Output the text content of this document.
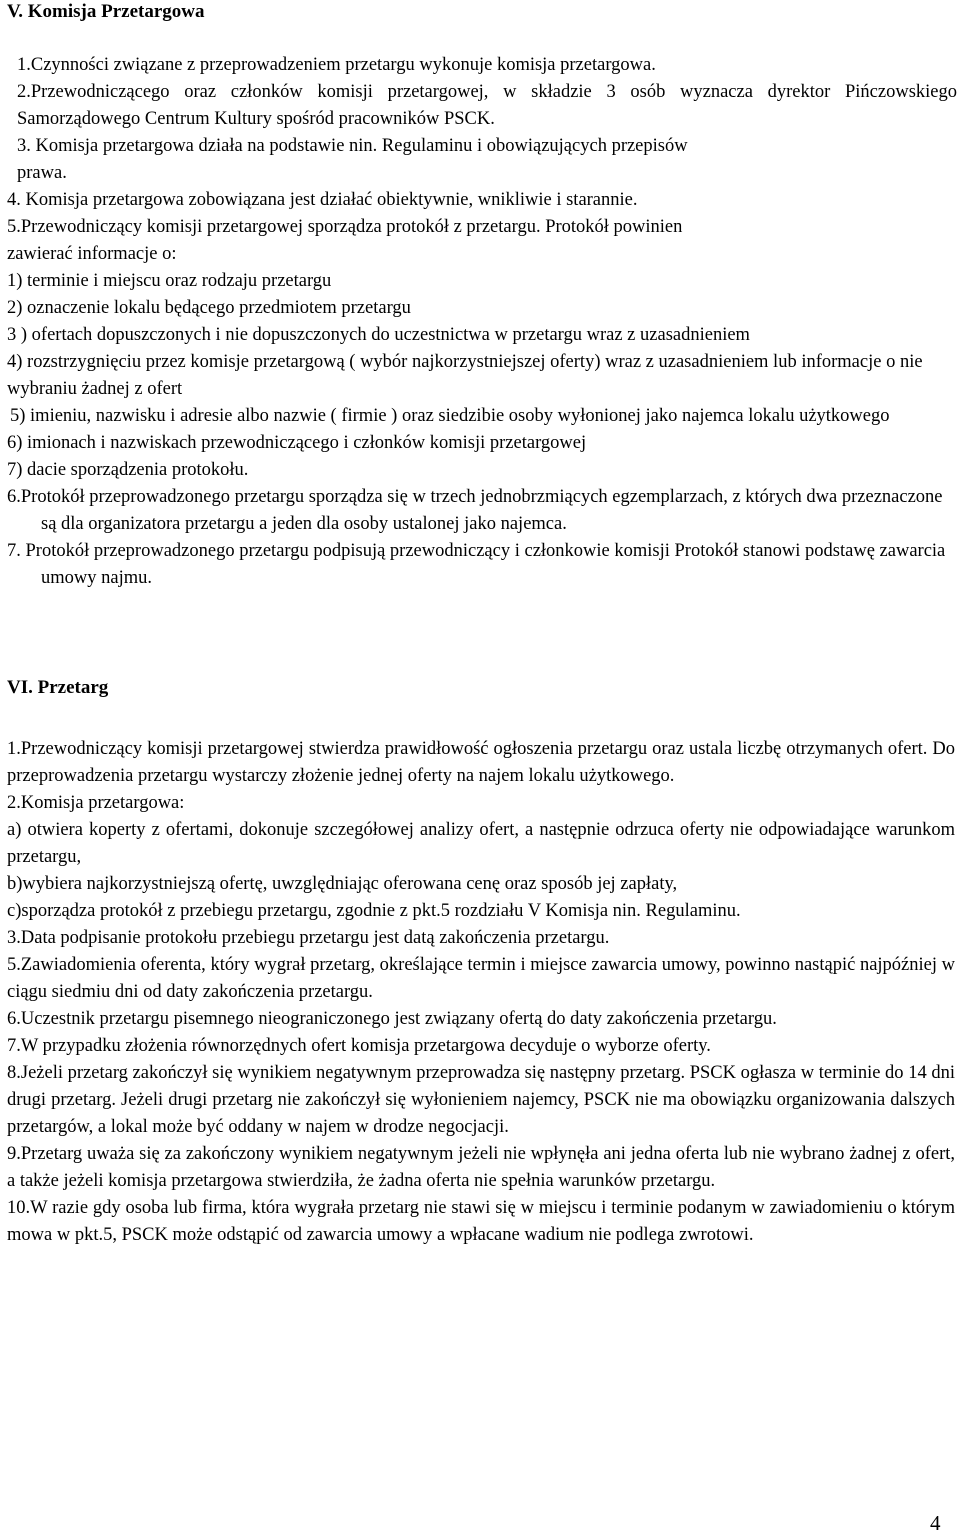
V. Komisja Przetargowa

1.Czynności związane z przeprowadzeniem przetargu wykonuje komisja przetargowa.

2.Przewodniczącego oraz członków komisji przetargowej, w składzie 3 osób wyznacza dyrektor Pińczowskiego Samorządowego Centrum Kultury spośród pracowników PSCK.

3. Komisja przetargowa działa na podstawie nin. Regulaminu i obowiązujących przepisów prawa.

4. Komisja przetargowa zobowiązana jest działać obiektywnie, wnikliwie i starannie.

5.Przewodniczący komisji przetargowej sporządza protokół z przetargu. Protokół powinien zawierać informacje o:

1) terminie i miejscu oraz rodzaju przetargu

2) oznaczenie lokalu będącego przedmiotem przetargu

3 ) ofertach dopuszczonych i nie dopuszczonych do uczestnictwa w przetargu wraz z uzasadnieniem

4) rozstrzygnięciu przez komisje przetargową ( wybór najkorzystniejszej oferty) wraz z uzasadnieniem lub informacje o nie wybraniu żadnej z ofert

5) imieniu, nazwisku i adresie albo nazwie ( firmie ) oraz siedzibie osoby wyłonionej jako najemca lokalu użytkowego

6) imionach i nazwiskach przewodniczącego i członków komisji przetargowej

7) dacie sporządzenia protokołu.

6.Protokół przeprowadzonego przetargu sporządza się w trzech jednobrzmiących egzemplarzach, z których dwa przeznaczone są dla organizatora przetargu a jeden dla osoby ustalonej jako najemca.

7. Protokół przeprowadzonego przetargu podpisują przewodniczący i członkowie komisji Protokół stanowi podstawę zawarcia umowy najmu.

VI. Przetarg

1.Przewodniczący komisji przetargowej stwierdza prawidłowość ogłoszenia przetargu oraz ustala liczbę otrzymanych ofert. Do przeprowadzenia przetargu wystarczy złożenie jednej oferty na najem lokalu użytkowego.

2.Komisja przetargowa:

a) otwiera koperty z ofertami, dokonuje szczegółowej analizy ofert, a następnie odrzuca oferty nie odpowiadające warunkom przetargu,

b)wybiera najkorzystniejszą ofertę, uwzględniając oferowana cenę oraz sposób jej zapłaty,

c)sporządza protokół z przebiegu przetargu, zgodnie z pkt.5 rozdziału V Komisja nin. Regulaminu.

3.Data podpisanie protokołu przebiegu przetargu jest datą zakończenia przetargu.

5.Zawiadomienia oferenta, który wygrał przetarg, określające termin i miejsce zawarcia umowy, powinno nastąpić najpóźniej w ciągu siedmiu dni od daty zakończenia przetargu.

6.Uczestnik przetargu pisemnego nieograniczonego jest związany ofertą do daty zakończenia przetargu.

7.W przypadku złożenia równorzędnych ofert komisja przetargowa decyduje o wyborze oferty.

8.Jeżeli przetarg zakończył się wynikiem negatywnym przeprowadza się następny przetarg. PSCK ogłasza w terminie do 14 dni drugi przetarg. Jeżeli drugi przetarg nie zakończył się wyłonieniem najemcy, PSCK nie ma obowiązku organizowania dalszych przetargów, a lokal może być oddany w najem w drodze negocjacji.

9.Przetarg uważa się za zakończony wynikiem negatywnym jeżeli nie wpłynęła ani jedna oferta lub nie wybrano żadnej z ofert, a także jeżeli komisja przetargowa stwierdziła, że żadna oferta nie spełnia warunków przetargu.

10.W razie gdy osoba lub firma, która wygrała przetarg nie stawi się w miejscu i terminie podanym w zawiadomieniu o którym mowa w pkt.5, PSCK może odstąpić od zawarcia umowy a wpłacane wadium nie podlega zwrotowi.

4
